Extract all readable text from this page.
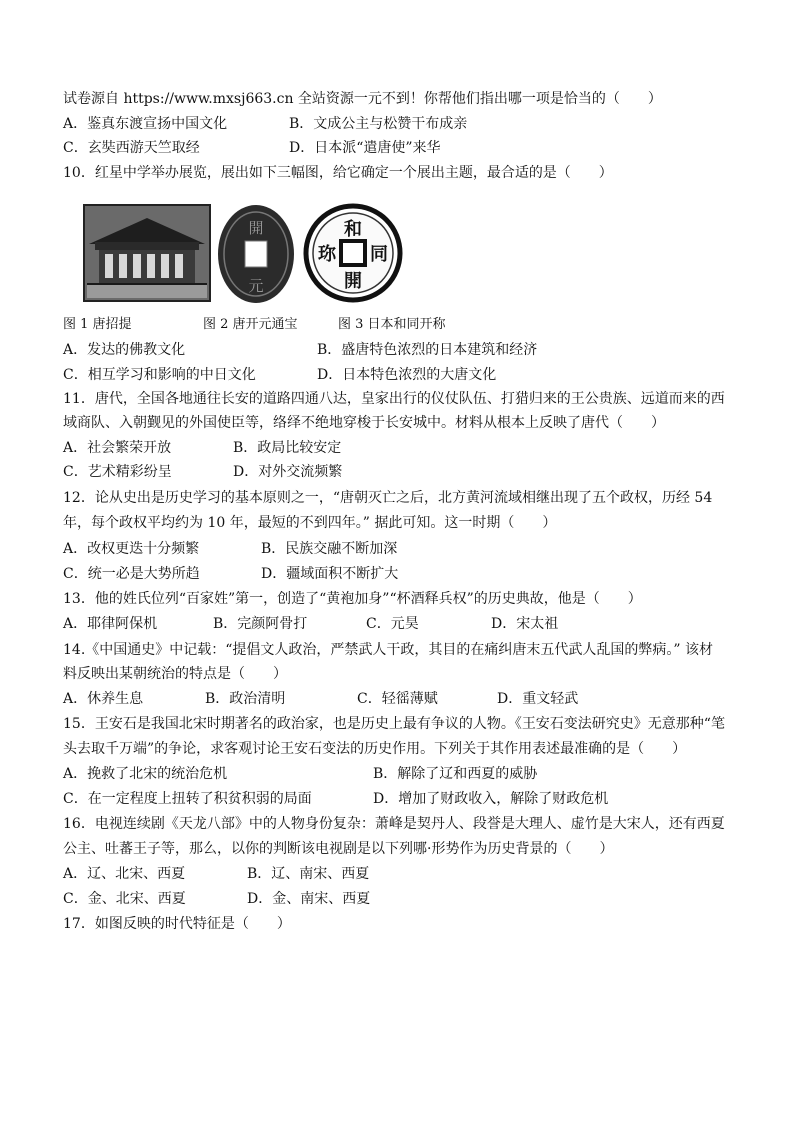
试卷源自 https://www.mxsj663.cn 全站资源一元不到！你帮他们指出哪一项是恰当的（　　）
A．鉴真东渡宣扬中国文化	B．文成公主与松赞干布成亲
C．玄奘西游天竺取经	D．日本派“遣唐使”来华
10．红星中学举办展览，展出如下三幅图，给它确定一个展出主题，最合适的是（　　）
開
元
和
同
開
珎
图 1 唐招提	图 2 唐开元通宝	图 3 日本和同开称
A．发达的佛教文化	B．盛唐特色浓烈的日本建筑和经济
C．相互学习和影响的中日文化	D．日本特色浓烈的大唐文化
11．唐代，全国各地通往长安的道路四通八达，皇家出行的仪仗队伍、打猎归来的王公贵族、远道而来的西
域商队、入朝觐见的外国使臣等，络绎不绝地穿梭于长安城中。材料从根本上反映了唐代（　　）
A．社会繁荣开放	B．政局比较安定
C．艺术精彩纷呈	D．对外交流频繁
12．论从史出是历史学习的基本原则之一，“唐朝灭亡之后，北方黄河流域相继出现了五个政权，历经 54
年，每个政权平均约为 10 年，最短的不到四年。” 据此可知。这一时期（　　）
A．改权更迭十分频繁	B．民族交融不断加深
C．统一必是大势所趋	D．疆域面积不断扩大
13．他的姓氏位列“百家姓”第一，创造了“黄袍加身”“杯酒释兵权”的历史典故，他是（　　）
A．耶律阿保机	B．完颜阿骨打	C．元昊	D．宋太祖
14.《中国通史》中记载：“提倡文人政治，严禁武人干政，其目的在痛纠唐末五代武人乱国的弊病。” 该材
料反映出某朝统治的特点是（　　）
A．休养生息	B．政治清明	C．轻徭薄赋	D．重文轻武
15．王安石是我国北宋时期著名的政治家，也是历史上最有争议的人物。《王安石变法研究史》无意那种“笔
头去取千万端”的争论，求客观讨论王安石变法的历史作用。下列关于其作用表述最准确的是（　　）
A．挽救了北宋的统治危机	B．解除了辽和西夏的威胁
C．在一定程度上扭转了积贫积弱的局面	D．增加了财政收入，解除了财政危机
16．电视连续剧《天龙八部》中的人物身份复杂：萧峰是契丹人、段誉是大理人、虚竹是大宋人，还有西夏
公主、吐蕃王子等，那么，以你的判断该电视剧是以下列哪·形势作为历史背景的（　　）
A．辽、北宋、西夏	B．辽、南宋、西夏
C．金、北宋、西夏	D．金、南宋、西夏
17．如图反映的时代特征是（　　）
